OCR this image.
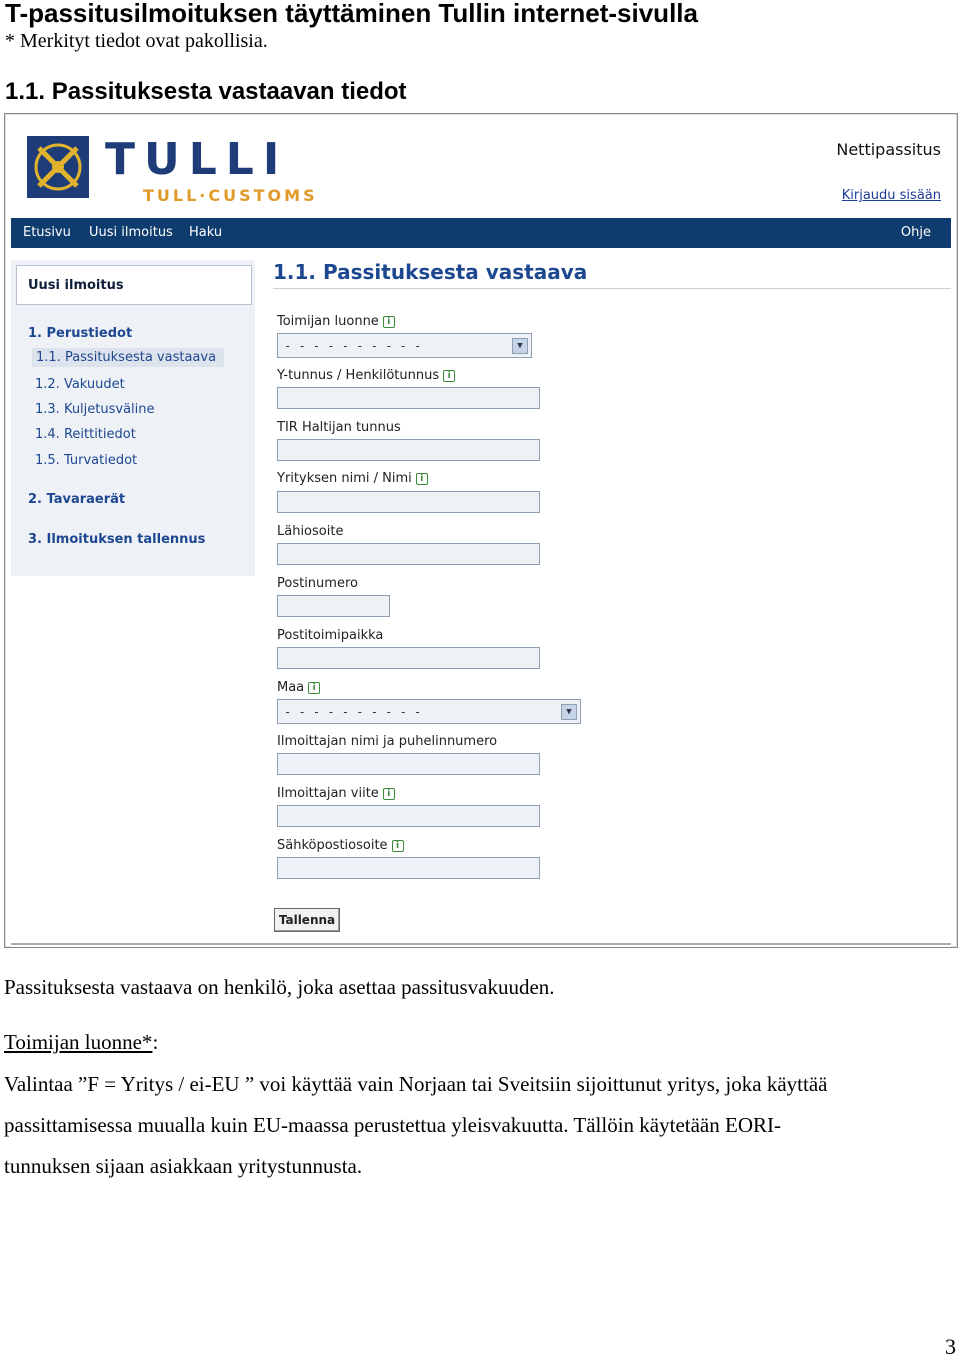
T-passitusilmoituksen täyttäminen Tullin internet-sivulla
* Merkityt tiedot ovat pakollisia.
1.1. Passituksesta vastaavan tiedot
TULLI
TULL·CUSTOMS
Nettipassitus
Kirjaudu sisään
Etusivu Uusi ilmoitus Haku	Ohje
Uusi ilmoitus
1. Perustiedot
1.1. Passituksesta vastaava
1.2. Vakuudet
1.3. Kuljetusväline
1.4. Reittitiedot
1.5. Turvatiedot
2. Tavaraerät
3. Ilmoituksen tallennus
1.1. Passituksesta vastaava
Toimijan luonne i
- - - - - - - - - -	▼
Y-tunnus / Henkilötunnus i
TIR Haltijan tunnus
Yrityksen nimi / Nimi i
Lähiosoite
Postinumero
Postitoimipaikka
Maa i
- - - - - - - - - -	▼
Ilmoittajan nimi ja puhelinnumero
Ilmoittajan viite i
Sähköpostiosoite i
Tallenna
Passituksesta vastaava on henkilö, joka asettaa passitusvakuuden.
Toimijan luonne*:
Valintaa ”F = Yritys / ei-EU ” voi käyttää vain Norjaan tai Sveitsiin sijoittunut yritys, joka käyttää
passittamisessa muualla kuin EU-maassa perustettua yleisvakuutta. Tällöin käytetään EORI-
tunnuksen sijaan asiakkaan yritystunnusta.
3
